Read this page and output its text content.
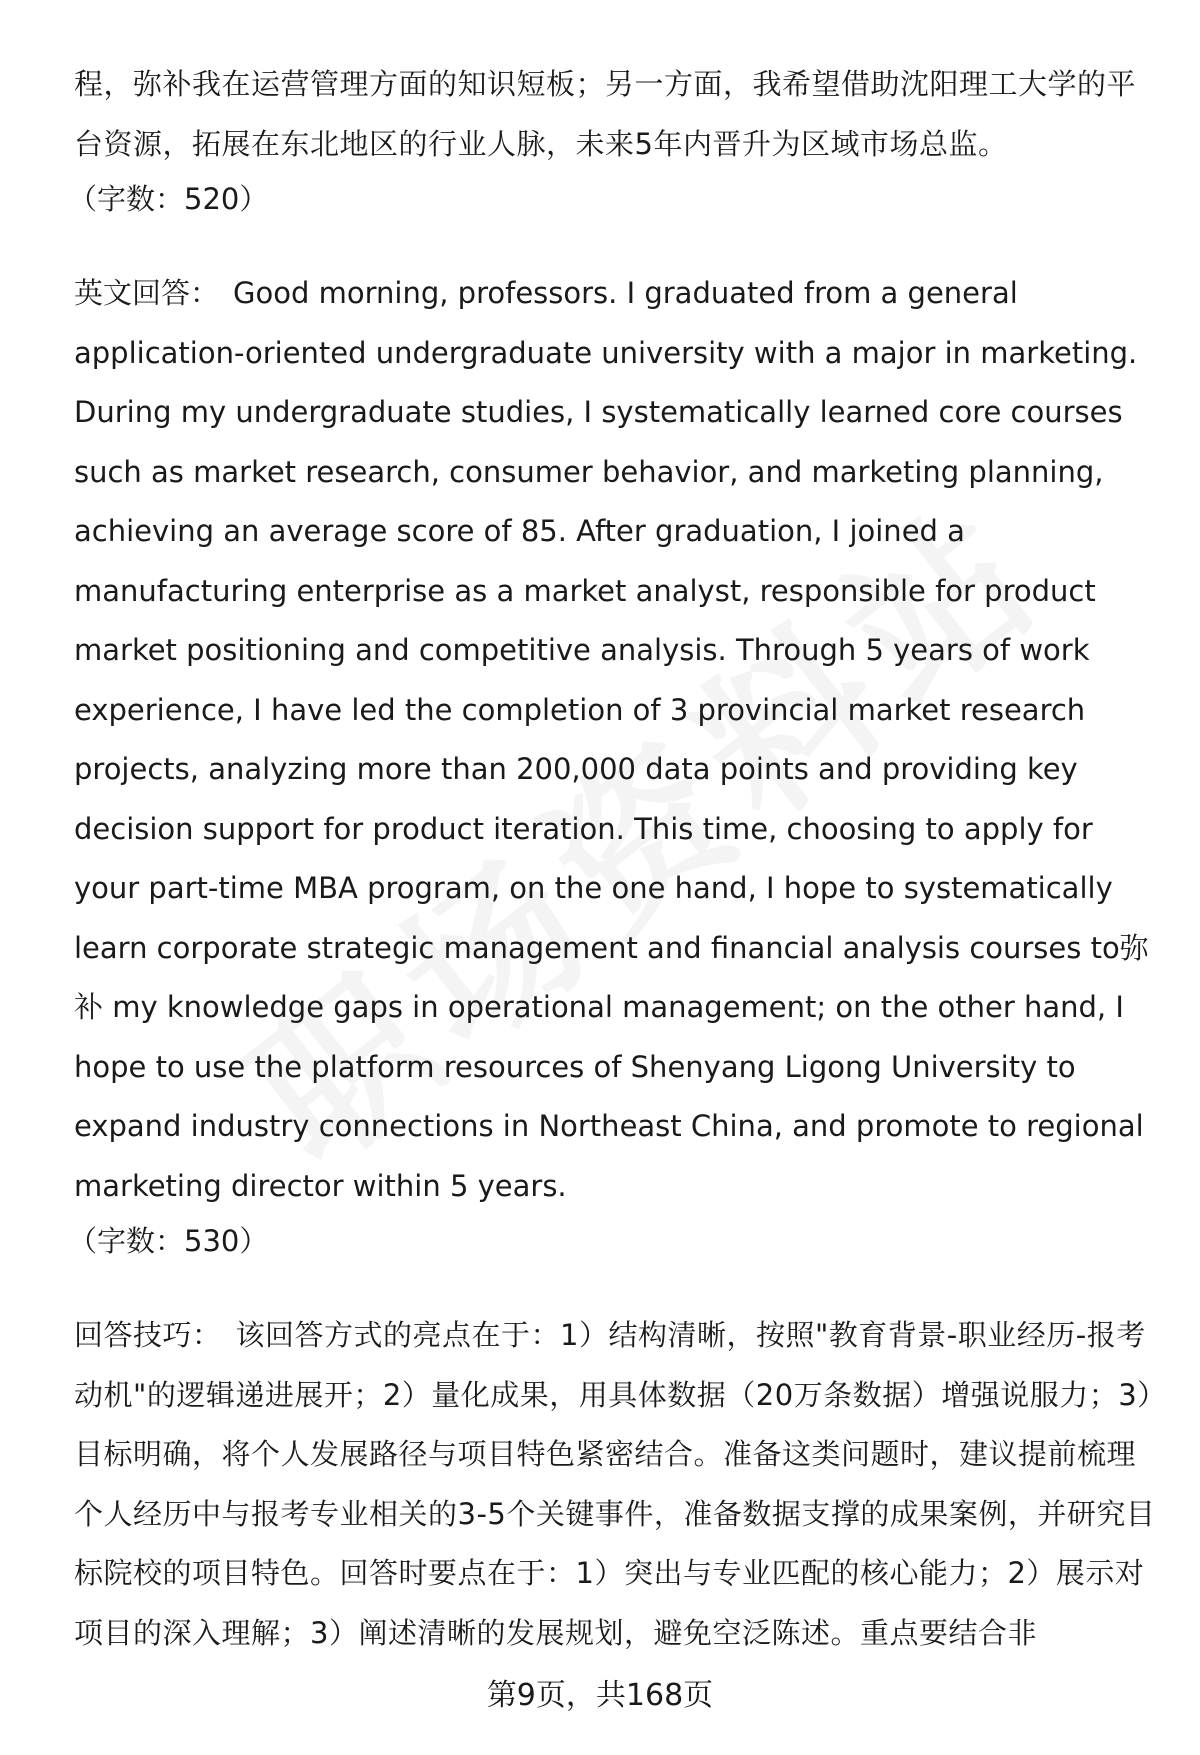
程，弥补我在运营管理方面的知识短板；另一方面，我希望借助沈阳理工大学的平台资源，拓展在东北地区的行业人脉，未来5年内晋升为区域市场总监。

（字数：520）

英文回答： Good morning, professors. I graduated from a general application-oriented undergraduate university with a major in marketing. During my undergraduate studies, I systematically learned core courses such as market research, consumer behavior, and marketing planning, achieving an average score of 85. After graduation, I joined a manufacturing enterprise as a market analyst, responsible for product market positioning and competitive analysis. Through 5 years of work experience, I have led the completion of 3 provincial market research projects, analyzing more than 200,000 data points and providing key decision support for product iteration. This time, choosing to apply for your part-time MBA program, on the one hand, I hope to systematically learn corporate strategic management and financial analysis courses to弥补 my knowledge gaps in operational management; on the other hand, I hope to use the platform resources of Shenyang Ligong University to expand industry connections in Northeast China, and promote to regional marketing director within 5 years.

（字数：530）

回答技巧： 该回答方式的亮点在于：1）结构清晰，按照"教育背景-职业经历-报考动机"的逻辑递进展开；2）量化成果，用具体数据（20万条数据）增强说服力；3）目标明确，将个人发展路径与项目特色紧密结合。准备这类问题时，建议提前梳理个人经历中与报考专业相关的3-5个关键事件，准备数据支撑的成果案例，并研究目标院校的项目特色。回答时要点在于：1）突出与专业匹配的核心能力；2）展示对项目的深入理解；3）阐述清晰的发展规划，避免空泛陈述。重点要结合非

第9页，共168页
